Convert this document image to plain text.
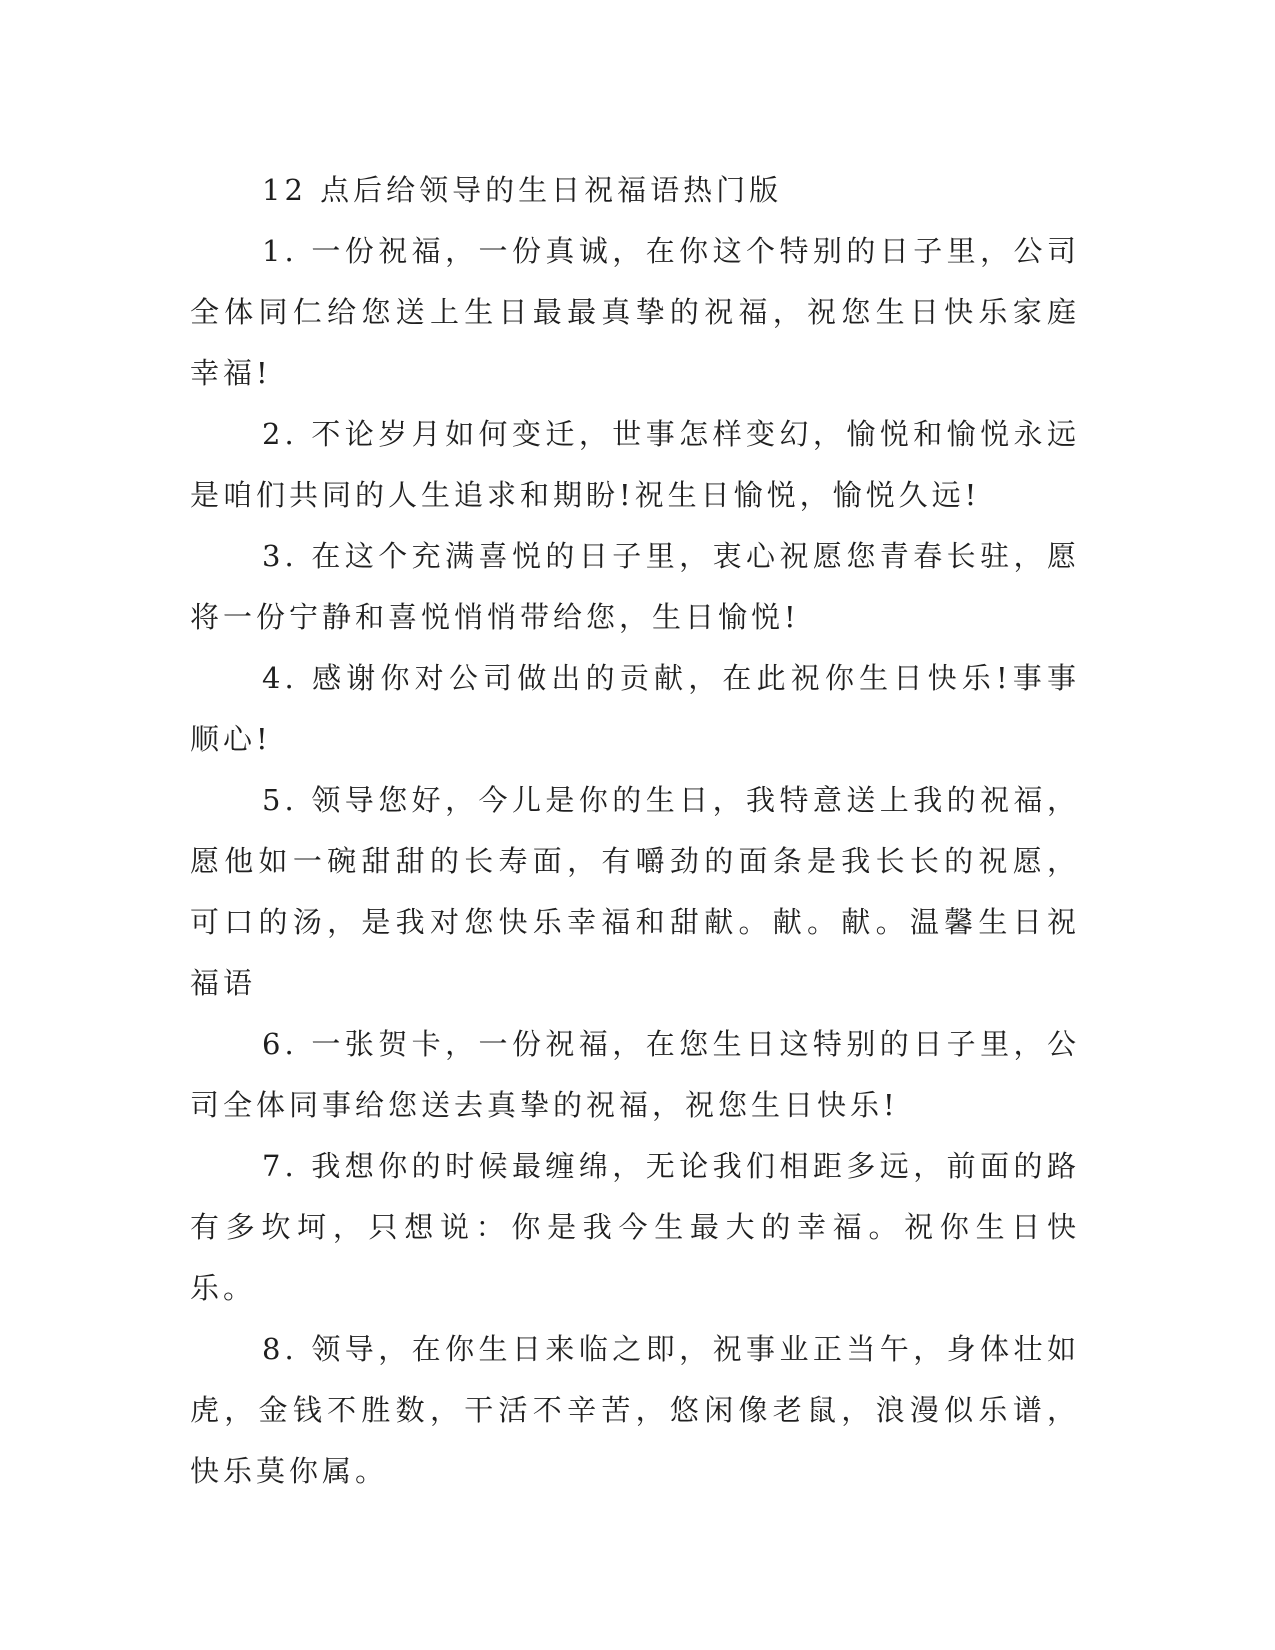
12 点后给领导的生日祝福语热门版

1. 一份祝福，一份真诚，在你这个特别的日子里，公司全体同仁给您送上生日最最真挚的祝福，祝您生日快乐家庭幸福!

2. 不论岁月如何变迁，世事怎样变幻，愉悦和愉悦永远是咱们共同的人生追求和期盼!祝生日愉悦，愉悦久远!

3. 在这个充满喜悦的日子里，衷心祝愿您青春长驻，愿将一份宁静和喜悦悄悄带给您，生日愉悦!

4. 感谢你对公司做出的贡献，在此祝你生日快乐!事事顺心!

5. 领导您好，今儿是你的生日，我特意送上我的祝福，愿他如一碗甜甜的长寿面，有嚼劲的面条是我长长的祝愿，可口的汤，是我对您快乐幸福和甜献。献。献。温馨生日祝福语

6. 一张贺卡，一份祝福，在您生日这特别的日子里，公司全体同事给您送去真挚的祝福，祝您生日快乐!

7. 我想你的时候最缠绵，无论我们相距多远，前面的路有多坎坷，只想说：你是我今生最大的幸福。祝你生日快乐。

8. 领导，在你生日来临之即，祝事业正当午，身体壮如虎，金钱不胜数，干活不辛苦，悠闲像老鼠，浪漫似乐谱，快乐莫你属。
